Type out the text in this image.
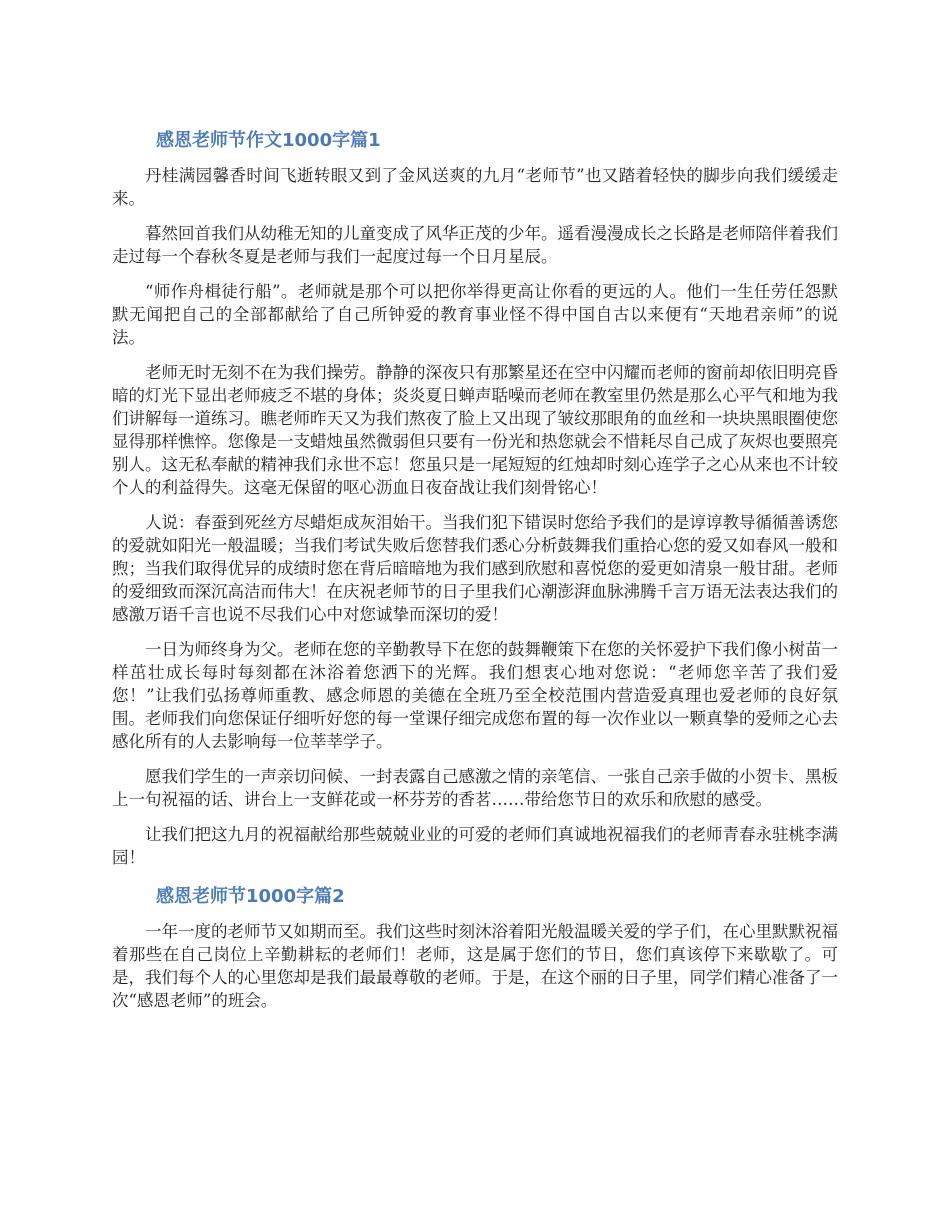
感恩老师节作文1000字篇1

丹桂满园馨香时间飞逝转眼又到了金风送爽的九月“老师节”也又踏着轻快的脚步向我们缓缓走来。

暮然回首我们从幼稚无知的儿童变成了风华正茂的少年。遥看漫漫成长之长路是老师陪伴着我们走过每一个春秋冬夏是老师与我们一起度过每一个日月星辰。

“师作舟楫徒行船”。老师就是那个可以把你举得更高让你看的更远的人。他们一生任劳任怨默默无闻把自己的全部都献给了自己所钟爱的教育事业怪不得中国自古以来便有“天地君亲师”的说法。

老师无时无刻不在为我们操劳。静静的深夜只有那繁星还在空中闪耀而老师的窗前却依旧明亮昏暗的灯光下显出老师疲乏不堪的身体；炎炎夏日蝉声聒噪而老师在教室里仍然是那么心平气和地为我们讲解每一道练习。瞧老师昨天又为我们熬夜了脸上又出现了皱纹那眼角的血丝和一块块黑眼圈使您显得那样憔悴。您像是一支蜡烛虽然微弱但只要有一份光和热您就会不惜耗尽自己成了灰烬也要照亮别人。这无私奉献的精神我们永世不忘！您虽只是一尾短短的红烛却时刻心连学子之心从来也不计较个人的利益得失。这毫无保留的呕心沥血日夜奋战让我们刻骨铭心！

人说：春蚕到死丝方尽蜡炬成灰泪始干。当我们犯下错误时您给予我们的是谆谆教导循循善诱您的爱就如阳光一般温暖；当我们考试失败后您替我们悉心分析鼓舞我们重拾心您的爱又如春风一般和煦；当我们取得优异的成绩时您在背后暗暗地为我们感到欣慰和喜悦您的爱更如清泉一般甘甜。老师的爱细致而深沉高洁而伟大！在庆祝老师节的日子里我们心潮澎湃血脉沸腾千言万语无法表达我们的感激万语千言也说不尽我们心中对您诚挚而深切的爱！

一日为师终身为父。老师在您的辛勤教导下在您的鼓舞鞭策下在您的关怀爱护下我们像小树苗一样茁壮成长每时每刻都在沐浴着您洒下的光辉。我们想衷心地对您说：“老师您辛苦了我们爱您！”让我们弘扬尊师重教、感念师恩的美德在全班乃至全校范围内营造爱真理也爱老师的良好氛围。老师我们向您保证仔细听好您的每一堂课仔细完成您布置的每一次作业以一颗真挚的爱师之心去感化所有的人去影响每一位莘莘学子。

愿我们学生的一声亲切问候、一封表露自己感激之情的亲笔信、一张自己亲手做的小贺卡、黑板上一句祝福的话、讲台上一支鲜花或一杯芬芳的香茗……带给您节日的欢乐和欣慰的感受。

让我们把这九月的祝福献给那些兢兢业业的可爱的老师们真诚地祝福我们的老师青春永驻桃李满园！

感恩老师节1000字篇2

一年一度的老师节又如期而至。我们这些时刻沐浴着阳光般温暖关爱的学子们，在心里默默祝福着那些在自己岗位上辛勤耕耘的老师们！老师，这是属于您们的节日，您们真该停下来歇歇了。可是，我们每个人的心里您却是我们最最尊敬的老师。于是，在这个丽的日子里，同学们精心准备了一次“感恩老师”的班会。
